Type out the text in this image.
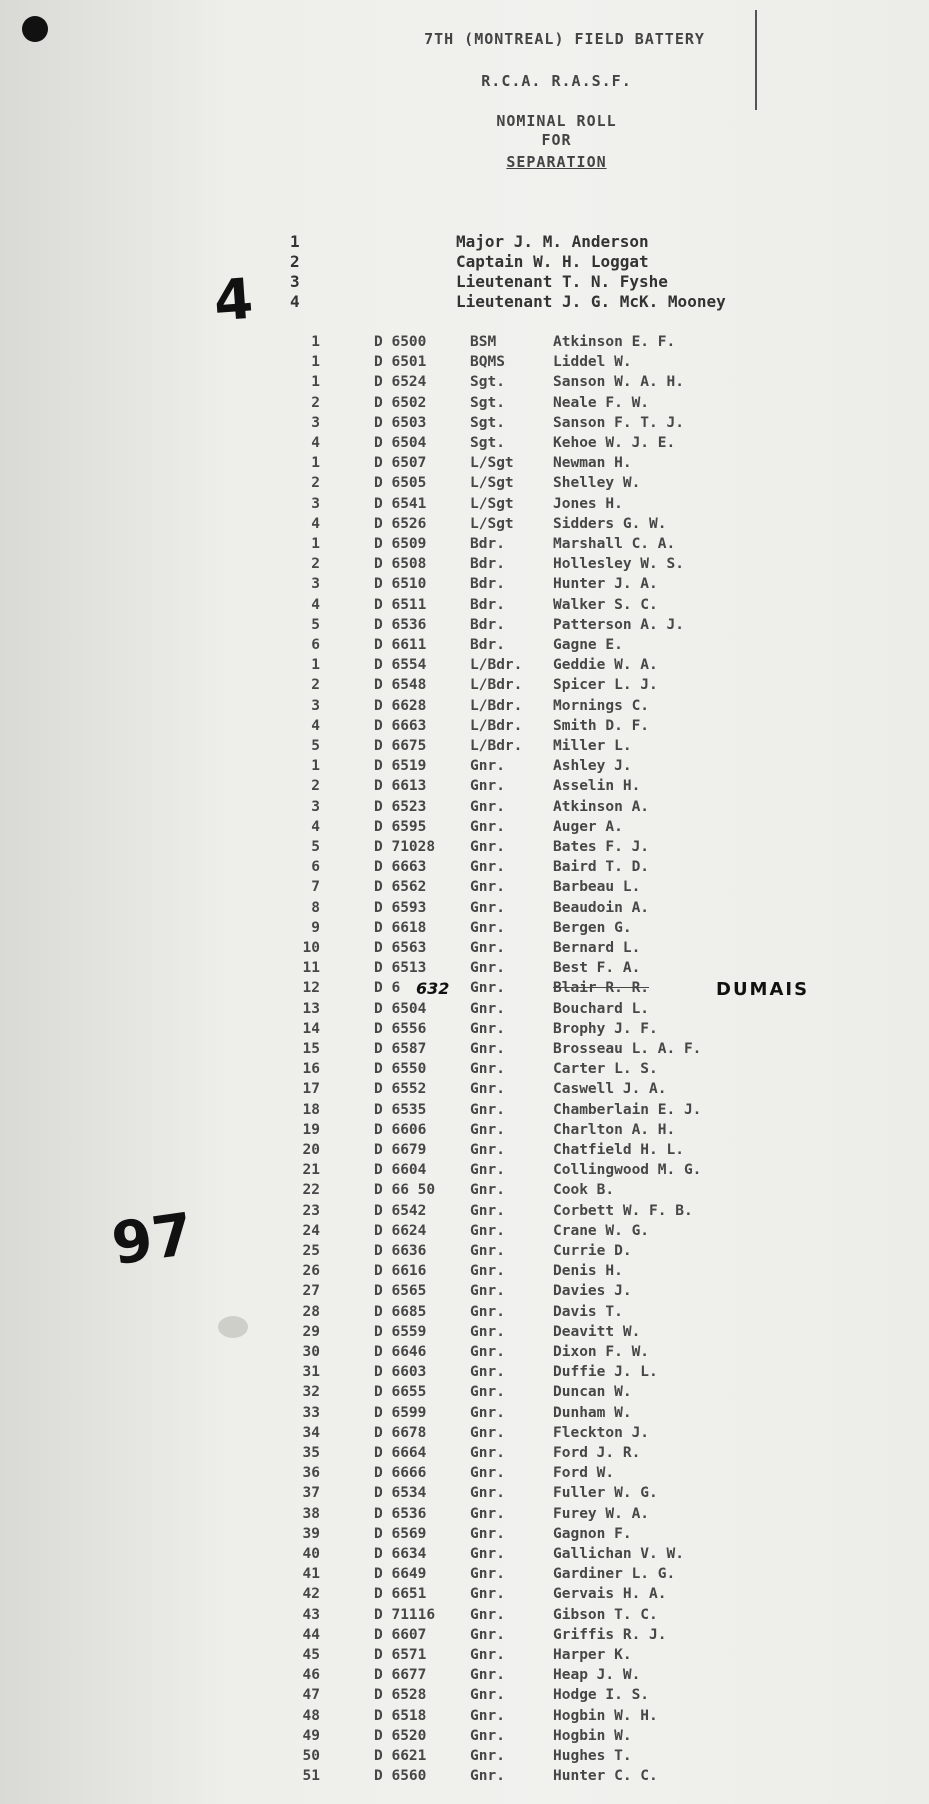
7TH (MONTREAL) FIELD BATTERY
R.C.A. R.A.S.F.
NOMINAL ROLL
FOR
SEPARATION
1	Major J. M. Anderson
2	Captain W. H. Loggat
3	Lieutenant T. N. Fyshe
4	Lieutenant J. G. McK. Mooney
1	D 6500	BSM	Atkinson E. F.
1	D 6501	BQMS	Liddel W.
1	D 6524	Sgt.	Sanson W. A. H.
2	D 6502	Sgt.	Neale F. W.
3	D 6503	Sgt.	Sanson F. T. J.
4	D 6504	Sgt.	Kehoe W. J. E.
1	D 6507	L/Sgt	Newman H.
2	D 6505	L/Sgt	Shelley W.
3	D 6541	L/Sgt	Jones H.
4	D 6526	L/Sgt	Sidders G. W.
1	D 6509	Bdr.	Marshall C. A.
2	D 6508	Bdr.	Hollesley W. S.
3	D 6510	Bdr.	Hunter J. A.
4	D 6511	Bdr.	Walker S. C.
5	D 6536	Bdr.	Patterson A. J.
6	D 6611	Bdr.	Gagne E.
1	D 6554	L/Bdr. Geddie W. A.
2	D 6548	L/Bdr. Spicer L. J.
3	D 6628	L/Bdr. Mornings C.
4	D 6663	L/Bdr. Smith D. F.
5	D 6675	L/Bdr. Miller L.
1	D 6519	Gnr.	Ashley J.
2	D 6613	Gnr.	Asselin H.
3	D 6523	Gnr.	Atkinson A.
4	D 6595	Gnr.	Auger A.
5	D 71028 Gnr.	Bates F. J.
6	D 6663	Gnr.	Baird T. D.
7	D 6562	Gnr.	Barbeau L.
8	D 6593	Gnr.	Beaudoin A.
9	D 6618	Gnr.	Bergen G.
10	D 6563	Gnr.	Bernard L.
11	D 6513	Gnr.	Best F. A.
12	D 6	Gnr.	Blair R. R.
13	D 6504	Gnr.	Bouchard L.
14	D 6556	Gnr.	Brophy J. F.
15	D 6587	Gnr.	Brosseau L. A. F.
16	D 6550	Gnr.	Carter L. S.
17	D 6552	Gnr.	Caswell J. A.
18	D 6535	Gnr.	Chamberlain E. J.
19	D 6606	Gnr.	Charlton A. H.
20	D 6679	Gnr.	Chatfield H. L.
21	D 6604	Gnr.	Collingwood M. G.
22	D 66 50 Gnr.	Cook B.
23	D 6542	Gnr.	Corbett W. F. B.
24	D 6624	Gnr.	Crane W. G.
25	D 6636	Gnr.	Currie D.
26	D 6616	Gnr.	Denis H.
27	D 6565	Gnr.	Davies J.
28	D 6685	Gnr.	Davis T.
29	D 6559	Gnr.	Deavitt W.
30	D 6646	Gnr.	Dixon F. W.
31	D 6603	Gnr.	Duffie J. L.
32	D 6655	Gnr.	Duncan W.
33	D 6599	Gnr.	Dunham W.
34	D 6678	Gnr.	Fleckton J.
35	D 6664	Gnr.	Ford J. R.
36	D 6666	Gnr.	Ford W.
37	D 6534	Gnr.	Fuller W. G.
38	D 6536	Gnr.	Furey W. A.
39	D 6569	Gnr.	Gagnon F.
40	D 6634	Gnr.	Gallichan V. W.
41	D 6649	Gnr.	Gardiner L. G.
42	D 6651	Gnr.	Gervais H. A.
43	D 71116 Gnr.	Gibson T. C.
44	D 6607	Gnr.	Griffis R. J.
45	D 6571	Gnr.	Harper K.
46	D 6677	Gnr.	Heap J. W.
47	D 6528	Gnr.	Hodge I. S.
48	D 6518	Gnr.	Hogbin W. H.
49	D 6520	Gnr.	Hogbin W.
50	D 6621	Gnr.	Hughes T.
51	D 6560	Gnr.	Hunter C. C.
4
97
632	DUMAIS
